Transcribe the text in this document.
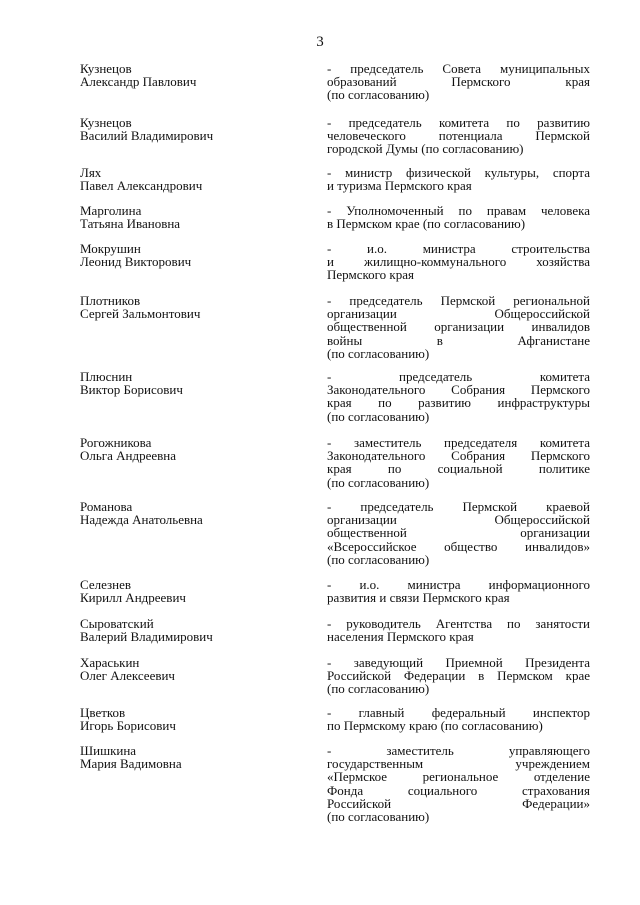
3
Кузнецов
Александр Павлович
- председатель Совета муниципальных
образований Пермского края
(по согласованию)
Кузнецов
Василий Владимирович
- председатель комитета по развитию
человеческого потенциала Пермской
городской Думы (по согласованию)
Лях
Павел Александрович
- министр физической культуры, спорта
и туризма Пермского края
Марголина
Татьяна Ивановна
- Уполномоченный по правам человека
в Пермском крае (по согласованию)
Мокрушин
Леонид Викторович
- и.о. министра строительства
и жилищно-коммунального хозяйства
Пермского края
Плотников
Сергей Зальмонтович
- председатель Пермской региональной
организации Общероссийской
общественной организации инвалидов
войны в Афганистане
(по согласованию)
Плюснин
Виктор Борисович
- председатель комитета
Законодательного Собрания Пермского
края по развитию инфраструктуры
(по согласованию)
Рогожникова
Ольга Андреевна
- заместитель председателя комитета
Законодательного Собрания Пермского
края по социальной политике
(по согласованию)
Романова
Надежда Анатольевна
- председатель Пермской краевой
организации Общероссийской
общественной организации
«Всероссийское общество инвалидов»
(по согласованию)
Селезнев
Кирилл Андреевич
- и.о. министра информационного
развития и связи Пермского края
Сыроватский
Валерий Владимирович
- руководитель Агентства по занятости
населения Пермского края
Хараськин
Олег Алексеевич
- заведующий Приемной Президента
Российской Федерации в Пермском крае
(по согласованию)
Цветков
Игорь Борисович
- главный федеральный инспектор
по Пермскому краю (по согласованию)
Шишкина
Мария Вадимовна
- заместитель управляющего
государственным учреждением
«Пермское региональное отделение
Фонда социального страхования
Российской Федерации»
(по согласованию)
